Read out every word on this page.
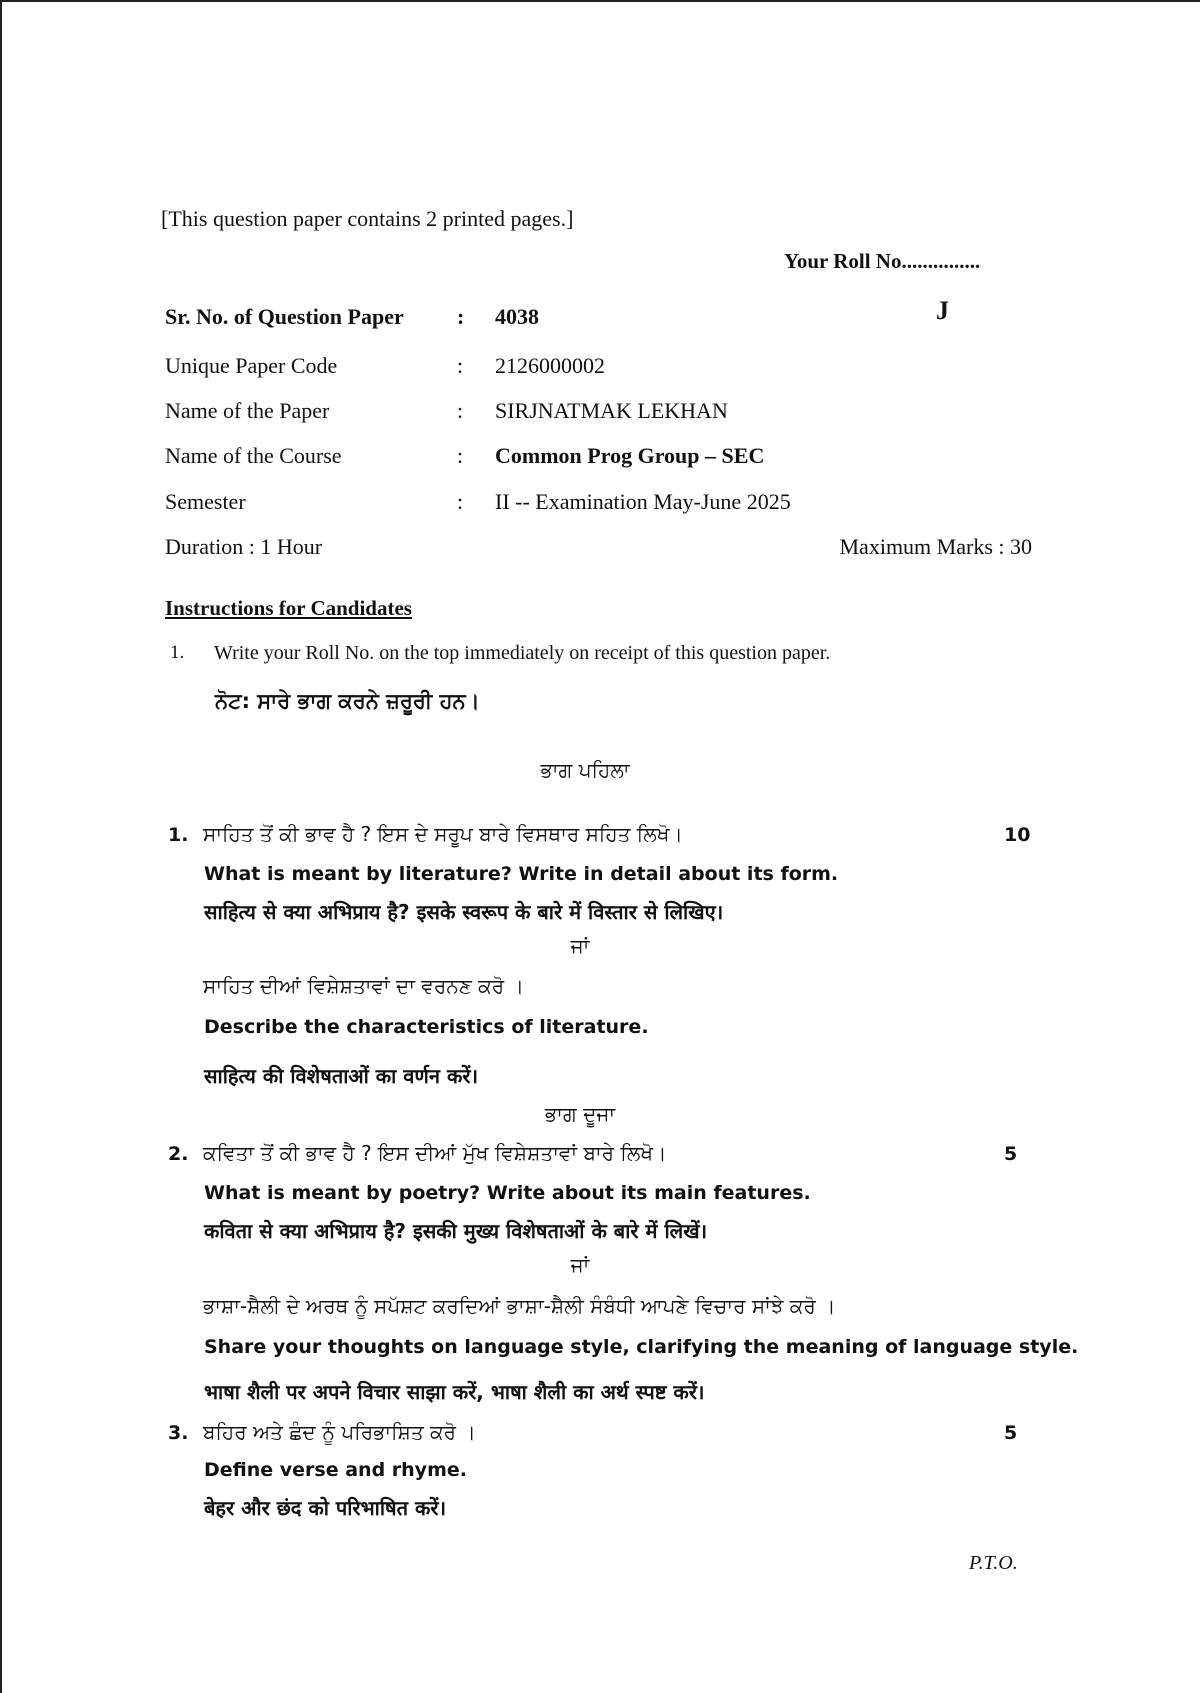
[This question paper contains 2 printed pages.]
Your Roll No...............
J
Sr. No. of Question Paper : 4038
Unique Paper Code	: 2126000002
Name of the Paper	: SIRJNATMAK LEKHAN
Name of the Course	: Common Prog Group – SEC
Semester	: II -- Examination May-June 2025
Duration : 1 Hour	Maximum Marks : 30
Instructions for Candidates
1. Write your Roll No. on the top immediately on receipt of this question paper.
ਨੋਟ: ਸਾਰੇ ਭਾਗ ਕਰਨੇ ਜ਼ਰੂਰੀ ਹਨ।
ਭਾਗ ਪਹਿਲਾ
1. ਸਾਹਿਤ ਤੋਂ ਕੀ ਭਾਵ ਹੈ ? ਇਸ ਦੇ ਸਰੂਪ ਬਾਰੇ ਵਿਸਥਾਰ ਸਹਿਤ ਲਿਖੋ।	10
What is meant by literature? Write in detail about its form.
साहित्य से क्या अभिप्राय है? इसके स्वरूप के बारे में विस्तार से लिखिए।
ਜਾਂ
ਸਾਹਿਤ ਦੀਆਂ ਵਿਸ਼ੇਸ਼ਤਾਵਾਂ ਦਾ ਵਰਨਣ ਕਰੋ ।
Describe the characteristics of literature.
साहित्य की विशेषताओं का वर्णन करें।
ਭਾਗ ਦੂਜਾ
2. ਕਵਿਤਾ ਤੋਂ ਕੀ ਭਾਵ ਹੈ ? ਇਸ ਦੀਆਂ ਮੁੱਖ ਵਿਸ਼ੇਸ਼ਤਾਵਾਂ ਬਾਰੇ ਲਿਖੋ।	5
What is meant by poetry? Write about its main features.
कविता से क्या अभिप्राय है? इसकी मुख्य विशेषताओं के बारे में लिखें।
ਜਾਂ
ਭਾਸ਼ਾ-ਸ਼ੈਲੀ ਦੇ ਅਰਥ ਨੂੰ ਸਪੱਸ਼ਟ ਕਰਦਿਆਂ ਭਾਸ਼ਾ-ਸ਼ੈਲੀ ਸੰਬੰਧੀ ਆਪਣੇ ਵਿਚਾਰ ਸਾਂਝੇ ਕਰੋ ।
Share your thoughts on language style, clarifying the meaning of language style.
भाषा शैली पर अपने विचार साझा करें, भाषा शैली का अर्थ स्पष्ट करें।
3. ਬਹਿਰ ਅਤੇ ਛੰਦ ਨੂੰ ਪਰਿਭਾਸ਼ਿਤ ਕਰੋ ।	5
Define verse and rhyme.
बेहर और छंद को परिभाषित करें।
P.T.O.
